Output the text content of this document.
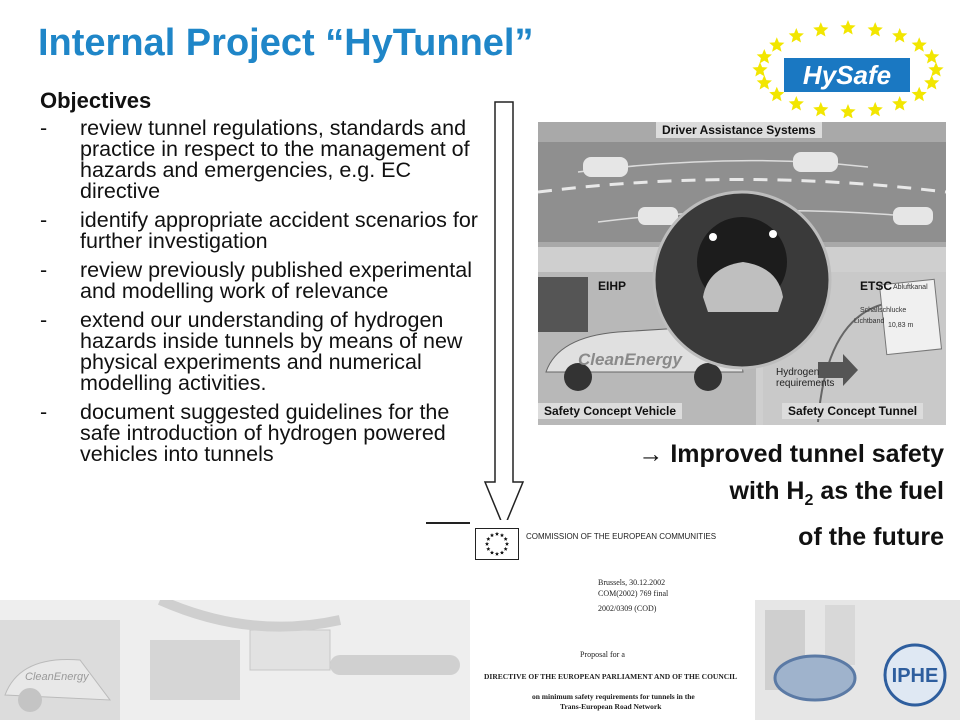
Internal Project “HyTunnel”
HySafe
Objectives
- review tunnel regulations, standards and practice in respect to the management of hazards and emergencies, e.g. EC directive
- identify appropriate accident scenarios for further investigation
- review previously published experimental and modelling work of relevance
- extend our understanding of hydrogen hazards inside tunnels by means of new physical experiments and numerical modelling activities.
- document suggested guidelines for the safe introduction of hydrogen powered vehicles into tunnels
Driver Assistance Systems
EIHP	ETSC
Safety Concept Vehicle	Safety Concept Tunnel
Hydrogen requirements
CleanEnergy
Abluftkanal
Schallschlucke
Lichtband
10,83 m
→ Improved tunnel safety
with $H_2$ as the fuel
of the future
COMMISSION OF THE EUROPEAN COMMUNITIES
Brussels, 30.12.2002
COM(2002) 769 final
2002/0309 (COD)
Proposal for a
DIRECTIVE OF THE EUROPEAN PARLIAMENT AND OF THE COUNCIL
on minimum safety requirements for tunnels in the
Trans-European Road Network
CleanEnergy	IPHE
